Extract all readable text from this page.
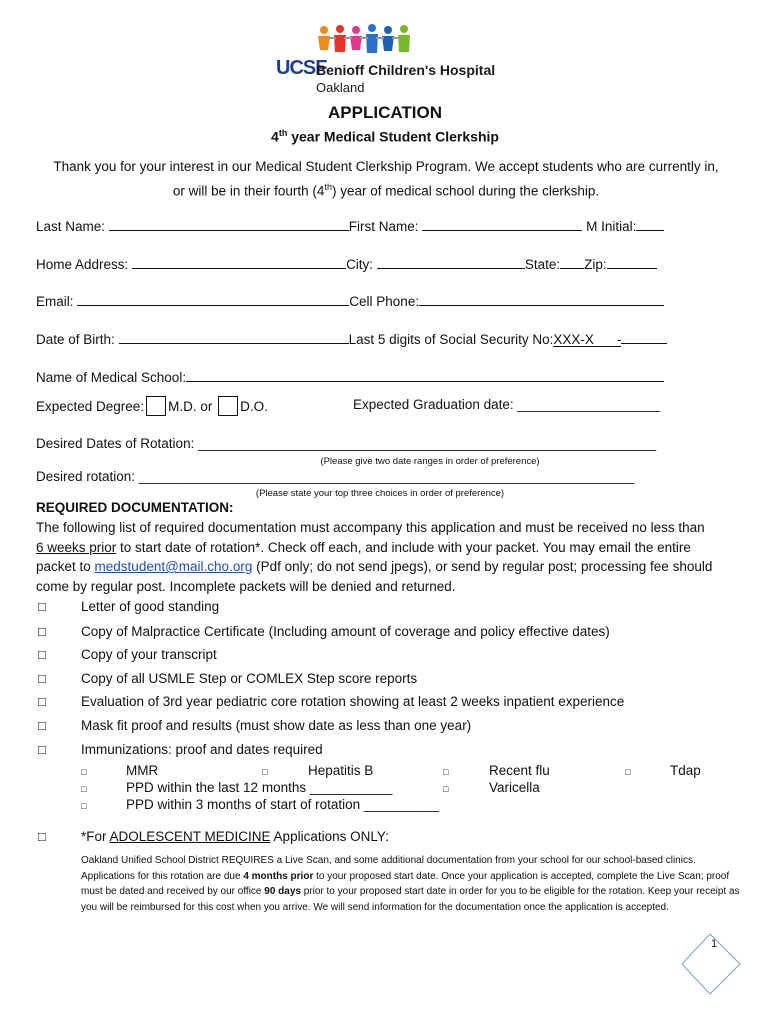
UCSF
Benioff Children's Hospital
Oakland
APPLICATION
4th year Medical Student Clerkship
Thank you for your interest in our Medical Student Clerkship Program. We accept students who are currently in,
or will be in their fourth (4th) year of medical school during the clerkship.
Last Name:	First Name:	M Initial:
Home Address:	City:	State: Zip:
Email:	Cell Phone:
Date of Birth:	Last 5 digits of Social Security No:XXX-X -
Name of Medical School:
Expected Degree: M.D. or D.O.	Expected Graduation date: ___________________
Desired Dates of Rotation: _____________________________________________________________
(Please give two date ranges in order of preference)
Desired rotation: __________________________________________________________________
(Please state your top three choices in order of preference)
REQUIRED DOCUMENTATION:
The following list of required documentation must accompany this application and must be received no less than
6 weeks prior to start date of rotation*. Check off each, and include with your packet. You may email the entire
packet to medstudent@mail.cho.org (Pdf only; do not send jpegs), or send by regular post; processing fee should
come by regular post. Incomplete packets will be denied and returned.
□	Letter of good standing
□	Copy of Malpractice Certificate (Including amount of coverage and policy effective dates)
□	Copy of your transcript
□	Copy of all USMLE Step or COMLEX Step score reports
□	Evaluation of 3rd year pediatric core rotation showing at least 2 weeks inpatient experience
□	Mask fit proof and results (must show date as less than one year)
□	Immunizations: proof and dates required
□	MMR	□	Hepatitis B	□	Recent flu	□	Tdap
□	PPD within the last 12 months ___________	□	Varicella
□	PPD within 3 months of start of rotation __________
□	*For ADOLESCENT MEDICINE Applications ONLY:
Oakland Unified School District REQUIRES a Live Scan, and some additional documentation from your school for our school-based clinics. Applications for this rotation are due 4 months prior to your proposed start date. Once your application is accepted, complete the Live Scan; proof must be dated and received by our office 90 days prior to your proposed start date in order for you to be eligible for the rotation. Keep your receipt as you will be reimbursed for this cost when you arrive. We will send information for the documentation once the application is accepted.
1
